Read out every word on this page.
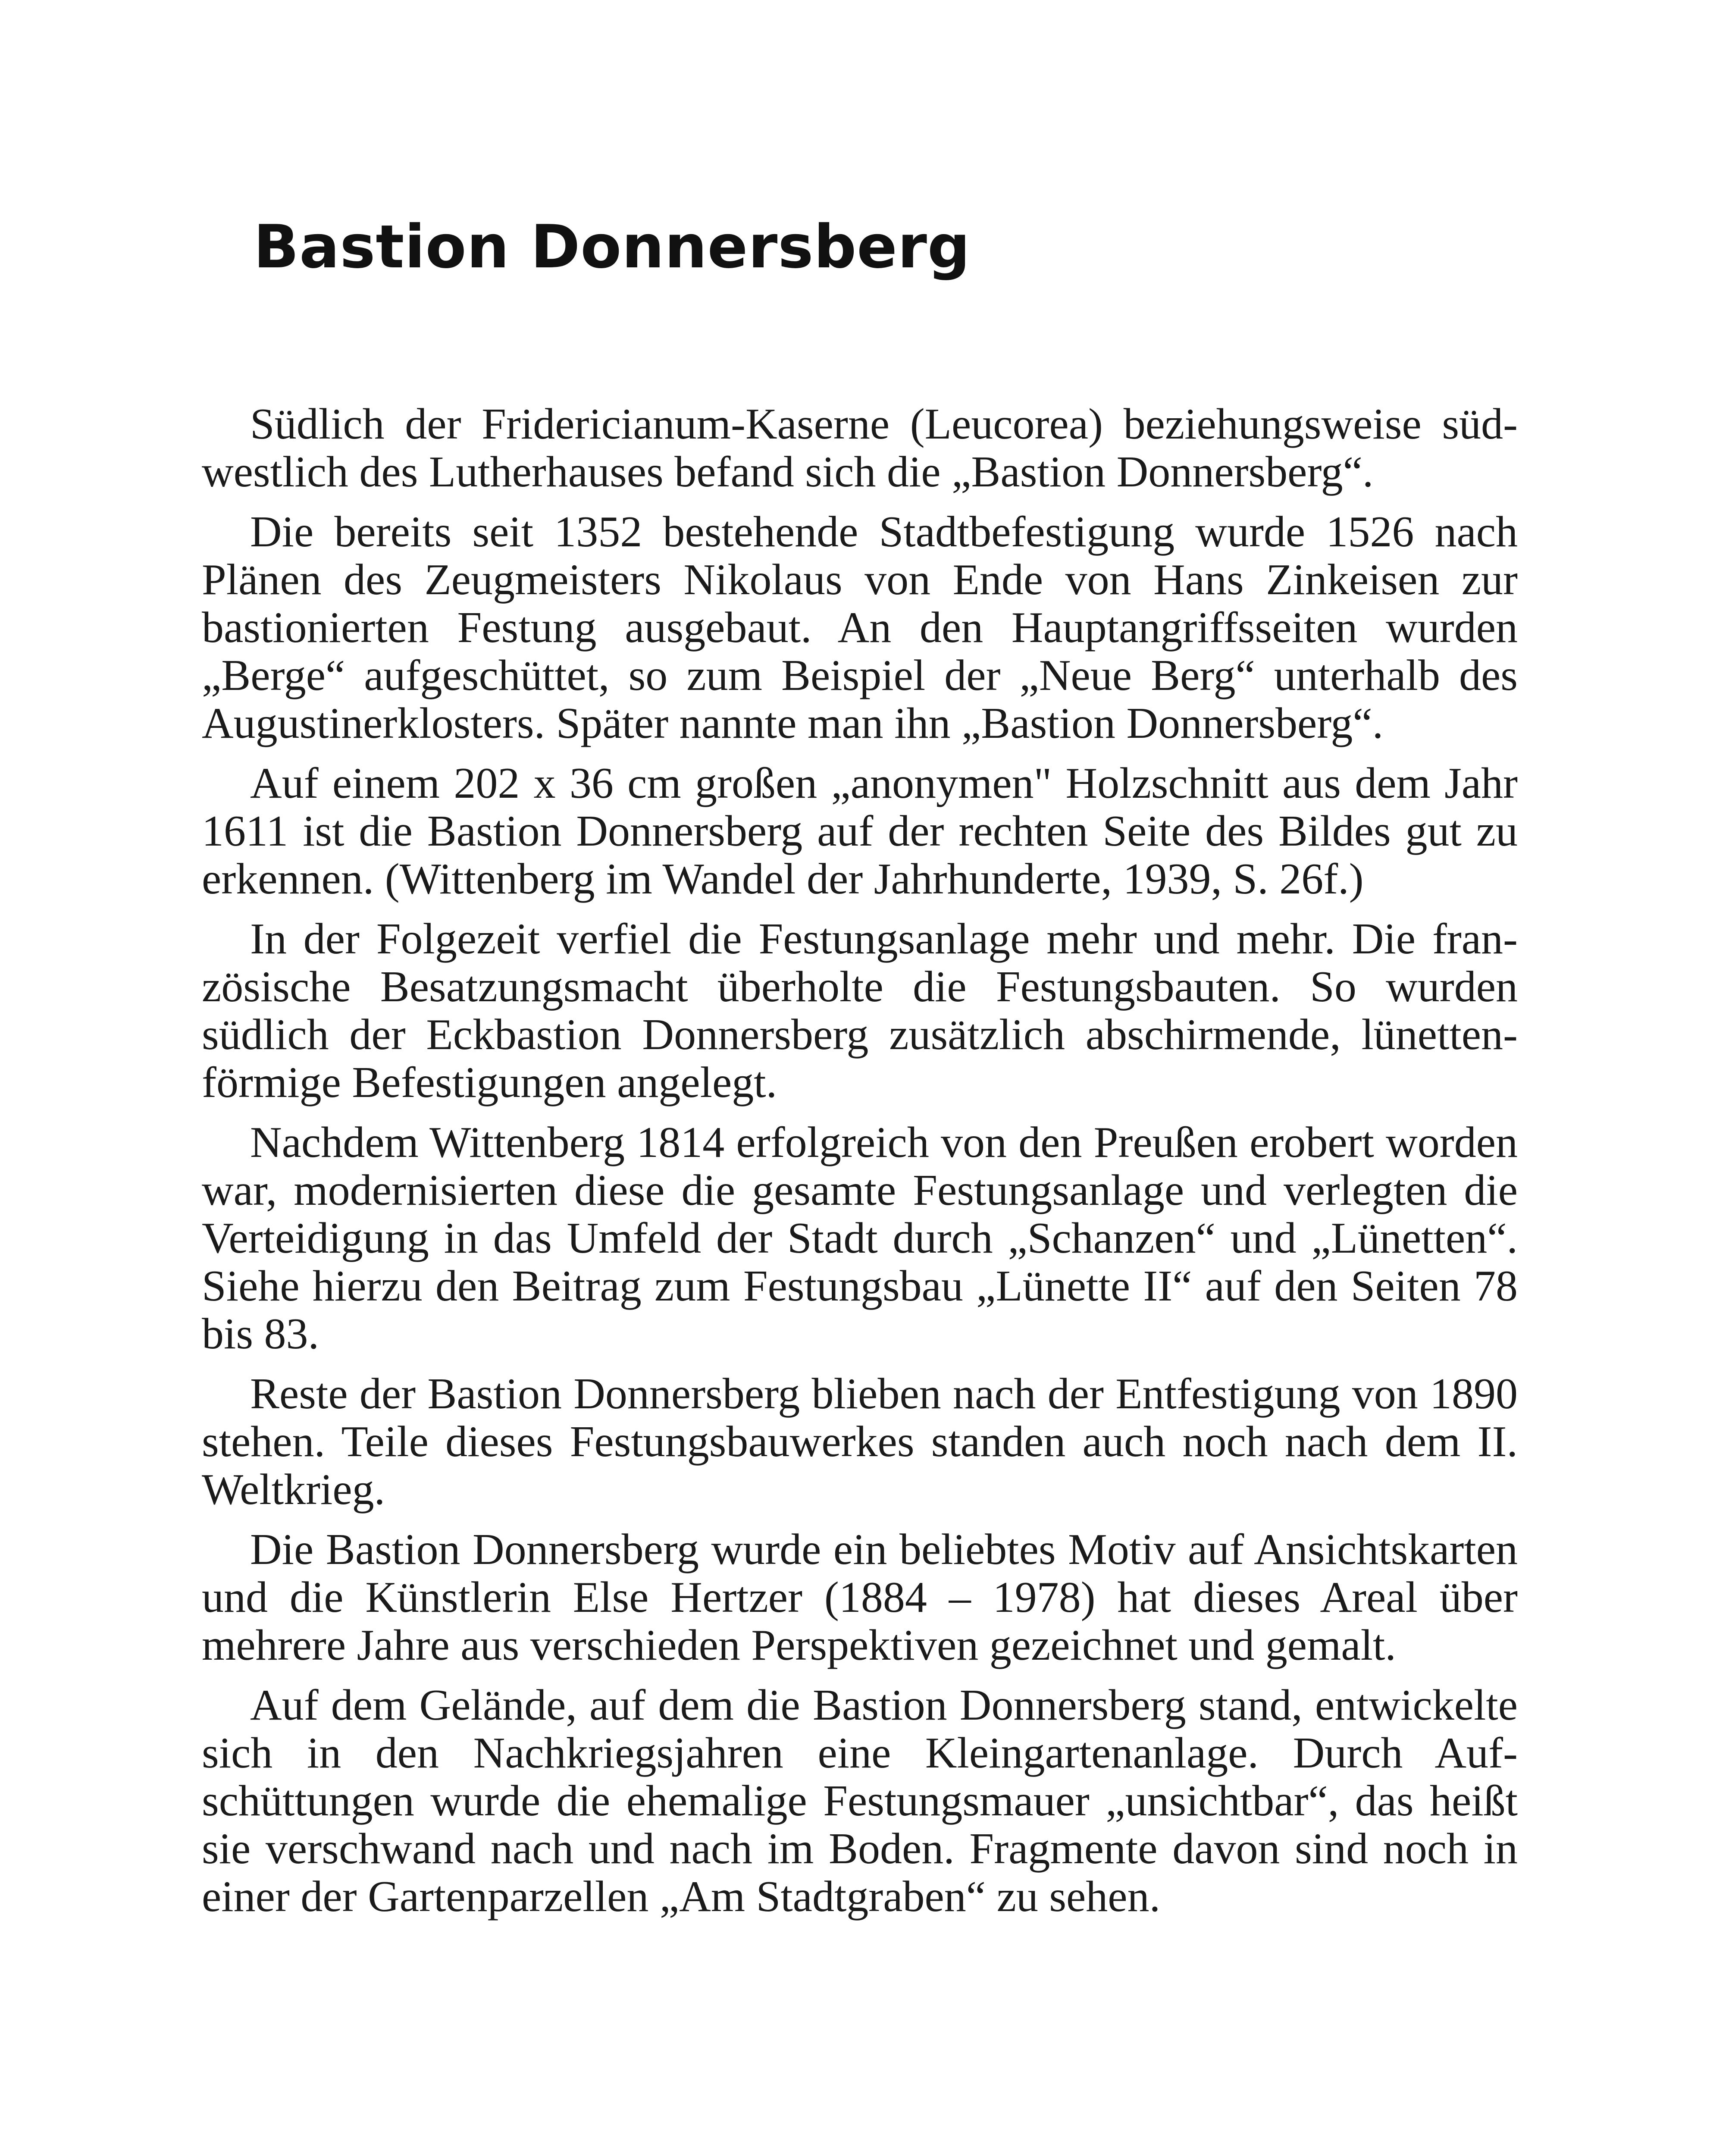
Bastion Donnersberg

Südlich der Fridericianum-Kaserne (Leucorea) beziehungsweise südwestlich des Lutherhauses befand sich die „Bastion Donnersberg“.

Die bereits seit 1352 bestehende Stadtbefestigung wurde 1526 nach Plänen des Zeugmeisters Nikolaus von Ende von Hans Zinkeisen zur bastionierten Festung ausgebaut. An den Hauptangriffsseiten wurden „Berge“ aufgeschüttet, so zum Beispiel der „Neue Berg“ unterhalb des Augustinerklosters. Später nannte man ihn „Bastion Donnersberg“.

Auf einem 202 x 36 cm großen „anonymen" Holzschnitt aus dem Jahr 1611 ist die Bastion Donnersberg auf der rechten Seite des Bildes gut zu erkennen. (Wittenberg im Wandel der Jahrhunderte, 1939, S. 26f.)

In der Folgezeit verfiel die Festungsanlage mehr und mehr. Die französische Besatzungsmacht überholte die Festungsbauten. So wurden südlich der Eckbastion Donnersberg zusätzlich abschirmende, lünettenförmige Befestigungen angelegt.

Nachdem Wittenberg 1814 erfolgreich von den Preußen erobert worden war, modernisierten diese die gesamte Festungsanlage und verlegten die Verteidigung in das Umfeld der Stadt durch „Schanzen“ und „Lünetten“. Siehe hierzu den Beitrag zum Festungsbau „Lünette II“ auf den Seiten 78 bis 83.

Reste der Bastion Donnersberg blieben nach der Entfestigung von 1890 stehen. Teile dieses Festungsbauwerkes standen auch noch nach dem II. Weltkrieg.

Die Bastion Donnersberg wurde ein beliebtes Motiv auf Ansichtskarten und die Künstlerin Else Hertzer (1884 – 1978) hat dieses Areal über mehrere Jahre aus verschieden Perspektiven gezeichnet und gemalt.

Auf dem Gelände, auf dem die Bastion Donnersberg stand, entwickelte sich in den Nachkriegsjahren eine Kleingartenanlage. Durch Aufschüttungen wurde die ehemalige Festungsmauer „unsichtbar“, das heißt sie verschwand nach und nach im Boden. Fragmente davon sind noch in einer der Gartenparzellen „Am Stadtgraben“ zu sehen.
